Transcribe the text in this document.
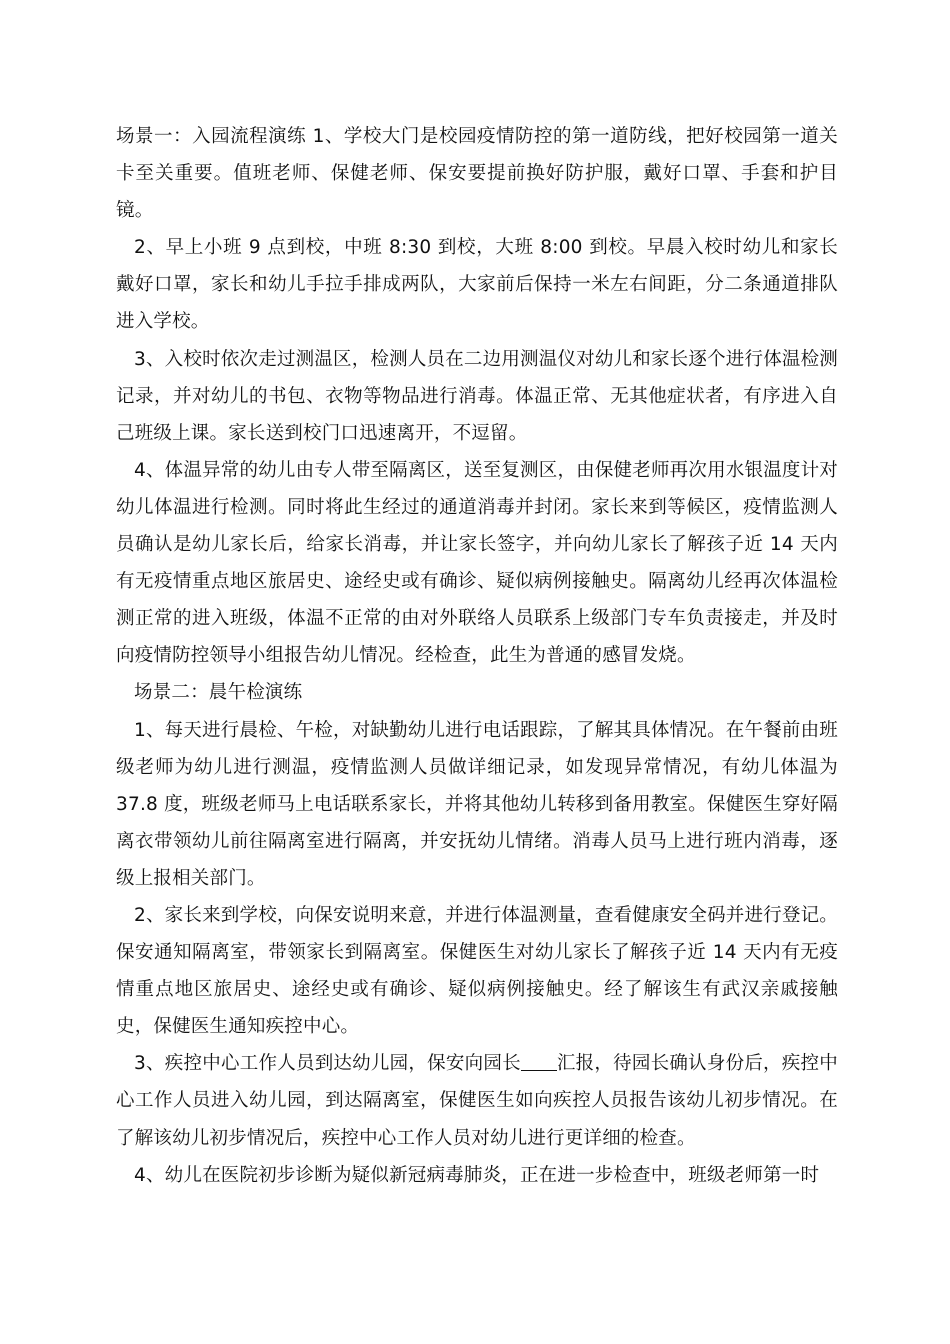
场景一：入园流程演练 1、学校大门是校园疫情防控的第一道防线，把好校园第一道关卡至关重要。值班老师、保健老师、保安要提前换好防护服，戴好口罩、手套和护目镜。

2、早上小班 9 点到校，中班 8:30 到校，大班 8:00 到校。早晨入校时幼儿和家长戴好口罩，家长和幼儿手拉手排成两队，大家前后保持一米左右间距，分二条通道排队进入学校。

3、入校时依次走过测温区，检测人员在二边用测温仪对幼儿和家长逐个进行体温检测记录，并对幼儿的书包、衣物等物品进行消毒。体温正常、无其他症状者，有序进入自己班级上课。家长送到校门口迅速离开，不逗留。

4、体温异常的幼儿由专人带至隔离区，送至复测区，由保健老师再次用水银温度计对幼儿体温进行检测。同时将此生经过的通道消毒并封闭。家长来到等候区，疫情监测人员确认是幼儿家长后，给家长消毒，并让家长签字，并向幼儿家长了解孩子近 14 天内有无疫情重点地区旅居史、途经史或有确诊、疑似病例接触史。隔离幼儿经再次体温检测正常的进入班级，体温不正常的由对外联络人员联系上级部门专车负责接走，并及时向疫情防控领导小组报告幼儿情况。经检查，此生为普通的感冒发烧。

场景二：晨午检演练

1、每天进行晨检、午检，对缺勤幼儿进行电话跟踪，了解其具体情况。在午餐前由班级老师为幼儿进行测温，疫情监测人员做详细记录，如发现异常情况，有幼儿体温为 37.8 度，班级老师马上电话联系家长，并将其他幼儿转移到备用教室。保健医生穿好隔离衣带领幼儿前往隔离室进行隔离，并安抚幼儿情绪。消毒人员马上进行班内消毒，逐级上报相关部门。

2、家长来到学校，向保安说明来意，并进行体温测量，查看健康安全码并进行登记。保安通知隔离室，带领家长到隔离室。保健医生对幼儿家长了解孩子近 14 天内有无疫情重点地区旅居史、途经史或有确诊、疑似病例接触史。经了解该生有武汉亲戚接触史，保健医生通知疾控中心。

3、疾控中心工作人员到达幼儿园，保安向园长 汇报，待园长确认身份后，疾控中心工作人员进入幼儿园，到达隔离室，保健医生如向疾控人员报告该幼儿初步情况。在了解该幼儿初步情况后，疾控中心工作人员对幼儿进行更详细的检查。

4、幼儿在医院初步诊断为疑似新冠病毒肺炎，正在进一步检查中，班级老师第一时
